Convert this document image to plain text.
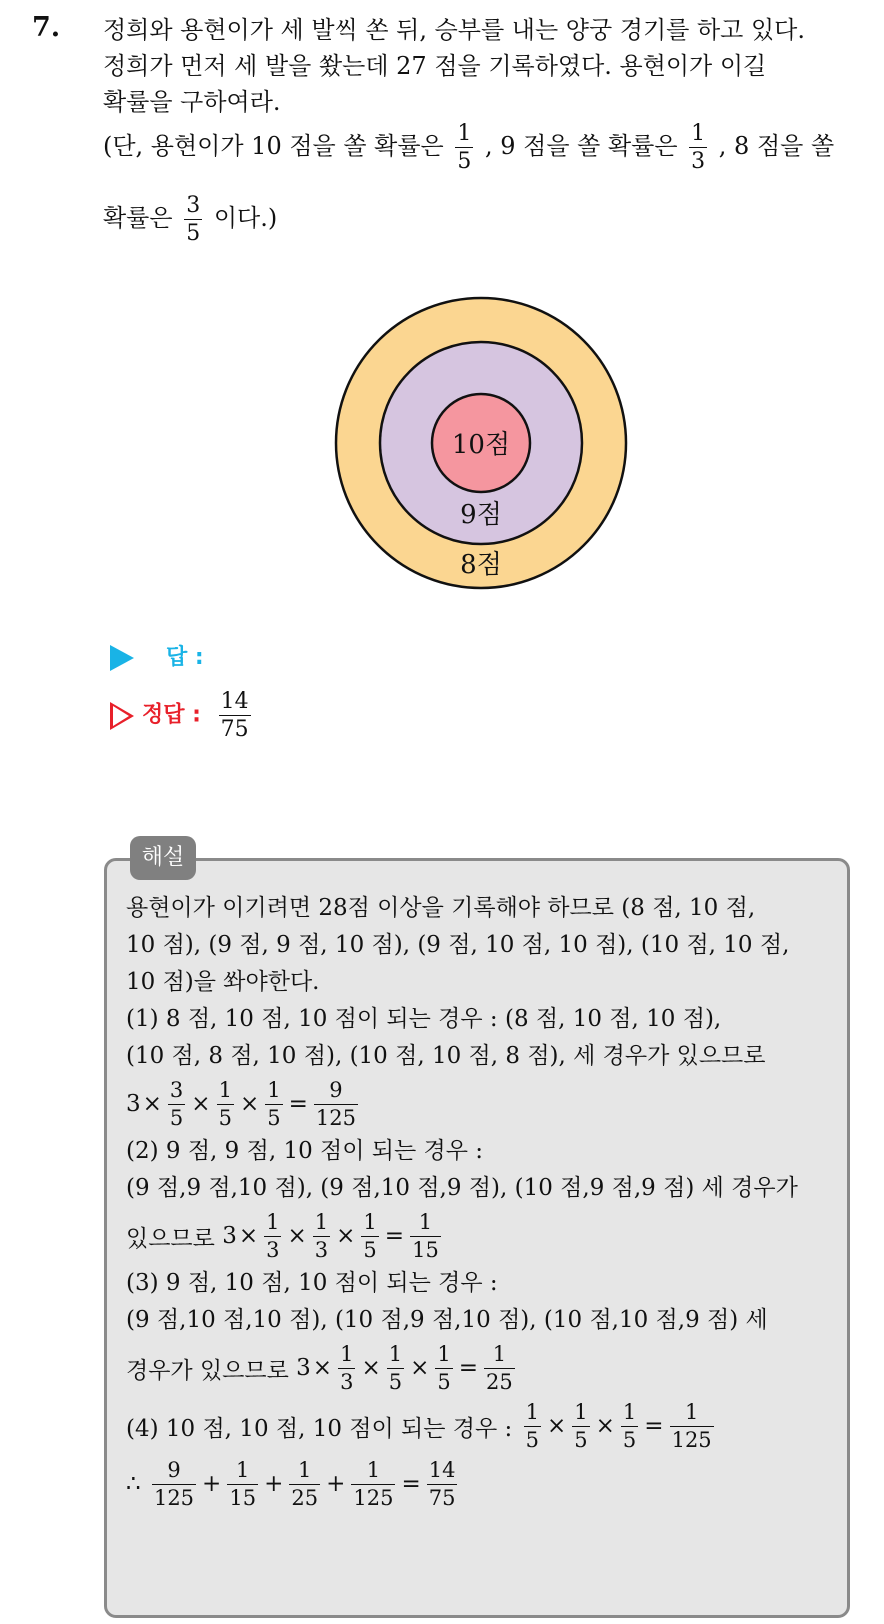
7. 정희와 용현이가 세 발씩 쏜 뒤, 승부를 내는 양궁 경기를 하고 있다.
정희가 먼저 세 발을 쐈는데 27 점을 기록하였다. 용현이가 이길
확률을 구하여라.
(단, 용현이가 10 점을 쏠 확률은 $\frac{1}{5}$ , 9 점을 쏠 확률은 $\frac{1}{3}$ , 8 점을 쏠
확률은 $\frac{3}{5}$ 이다.)
10점
9점
8점
답 :
정답 : $\frac{14}{75}$
해설
용현이가 이기려면 28점 이상을 기록해야 하므로 (8 점, 10 점,
10 점), (9 점, 9 점, 10 점), (9 점, 10 점, 10 점), (10 점, 10 점,
10 점)을 쏴야한다.
(1) 8 점, 10 점, 10 점이 되는 경우 : (8 점, 10 점, 10 점),
(10 점, 8 점, 10 점), (10 점, 10 점, 8 점), 세 경우가 있으므로
$3 \times \frac{3}{5} \times \frac{1}{5} \times \frac{1}{5} = \frac{9}{125}$
(2) 9 점, 9 점, 10 점이 되는 경우 :
(9 점,9 점,10 점), (9 점,10 점,9 점), (10 점,9 점,9 점) 세 경우가
있으므로
$3 \times \frac{1}{3} \times \frac{1}{3} \times \frac{1}{5} = \frac{1}{15}$
(3) 9 점, 10 점, 10 점이 되는 경우 :
(9 점,10 점,10 점), (10 점,9 점,10 점), (10 점,10 점,9 점) 세
경우가 있으므로
$3 \times \frac{1}{3} \times \frac{1}{5} \times \frac{1}{5} = \frac{1}{25}$
(4) 10 점, 10 점, 10 점이 되는 경우 :
$\frac{1}{5} \times \frac{1}{5} \times \frac{1}{5} = \frac{1}{125}$
∴
$\frac{9}{125} + \frac{1}{15} + \frac{1}{25} + \frac{1}{125} = \frac{14}{75}$
